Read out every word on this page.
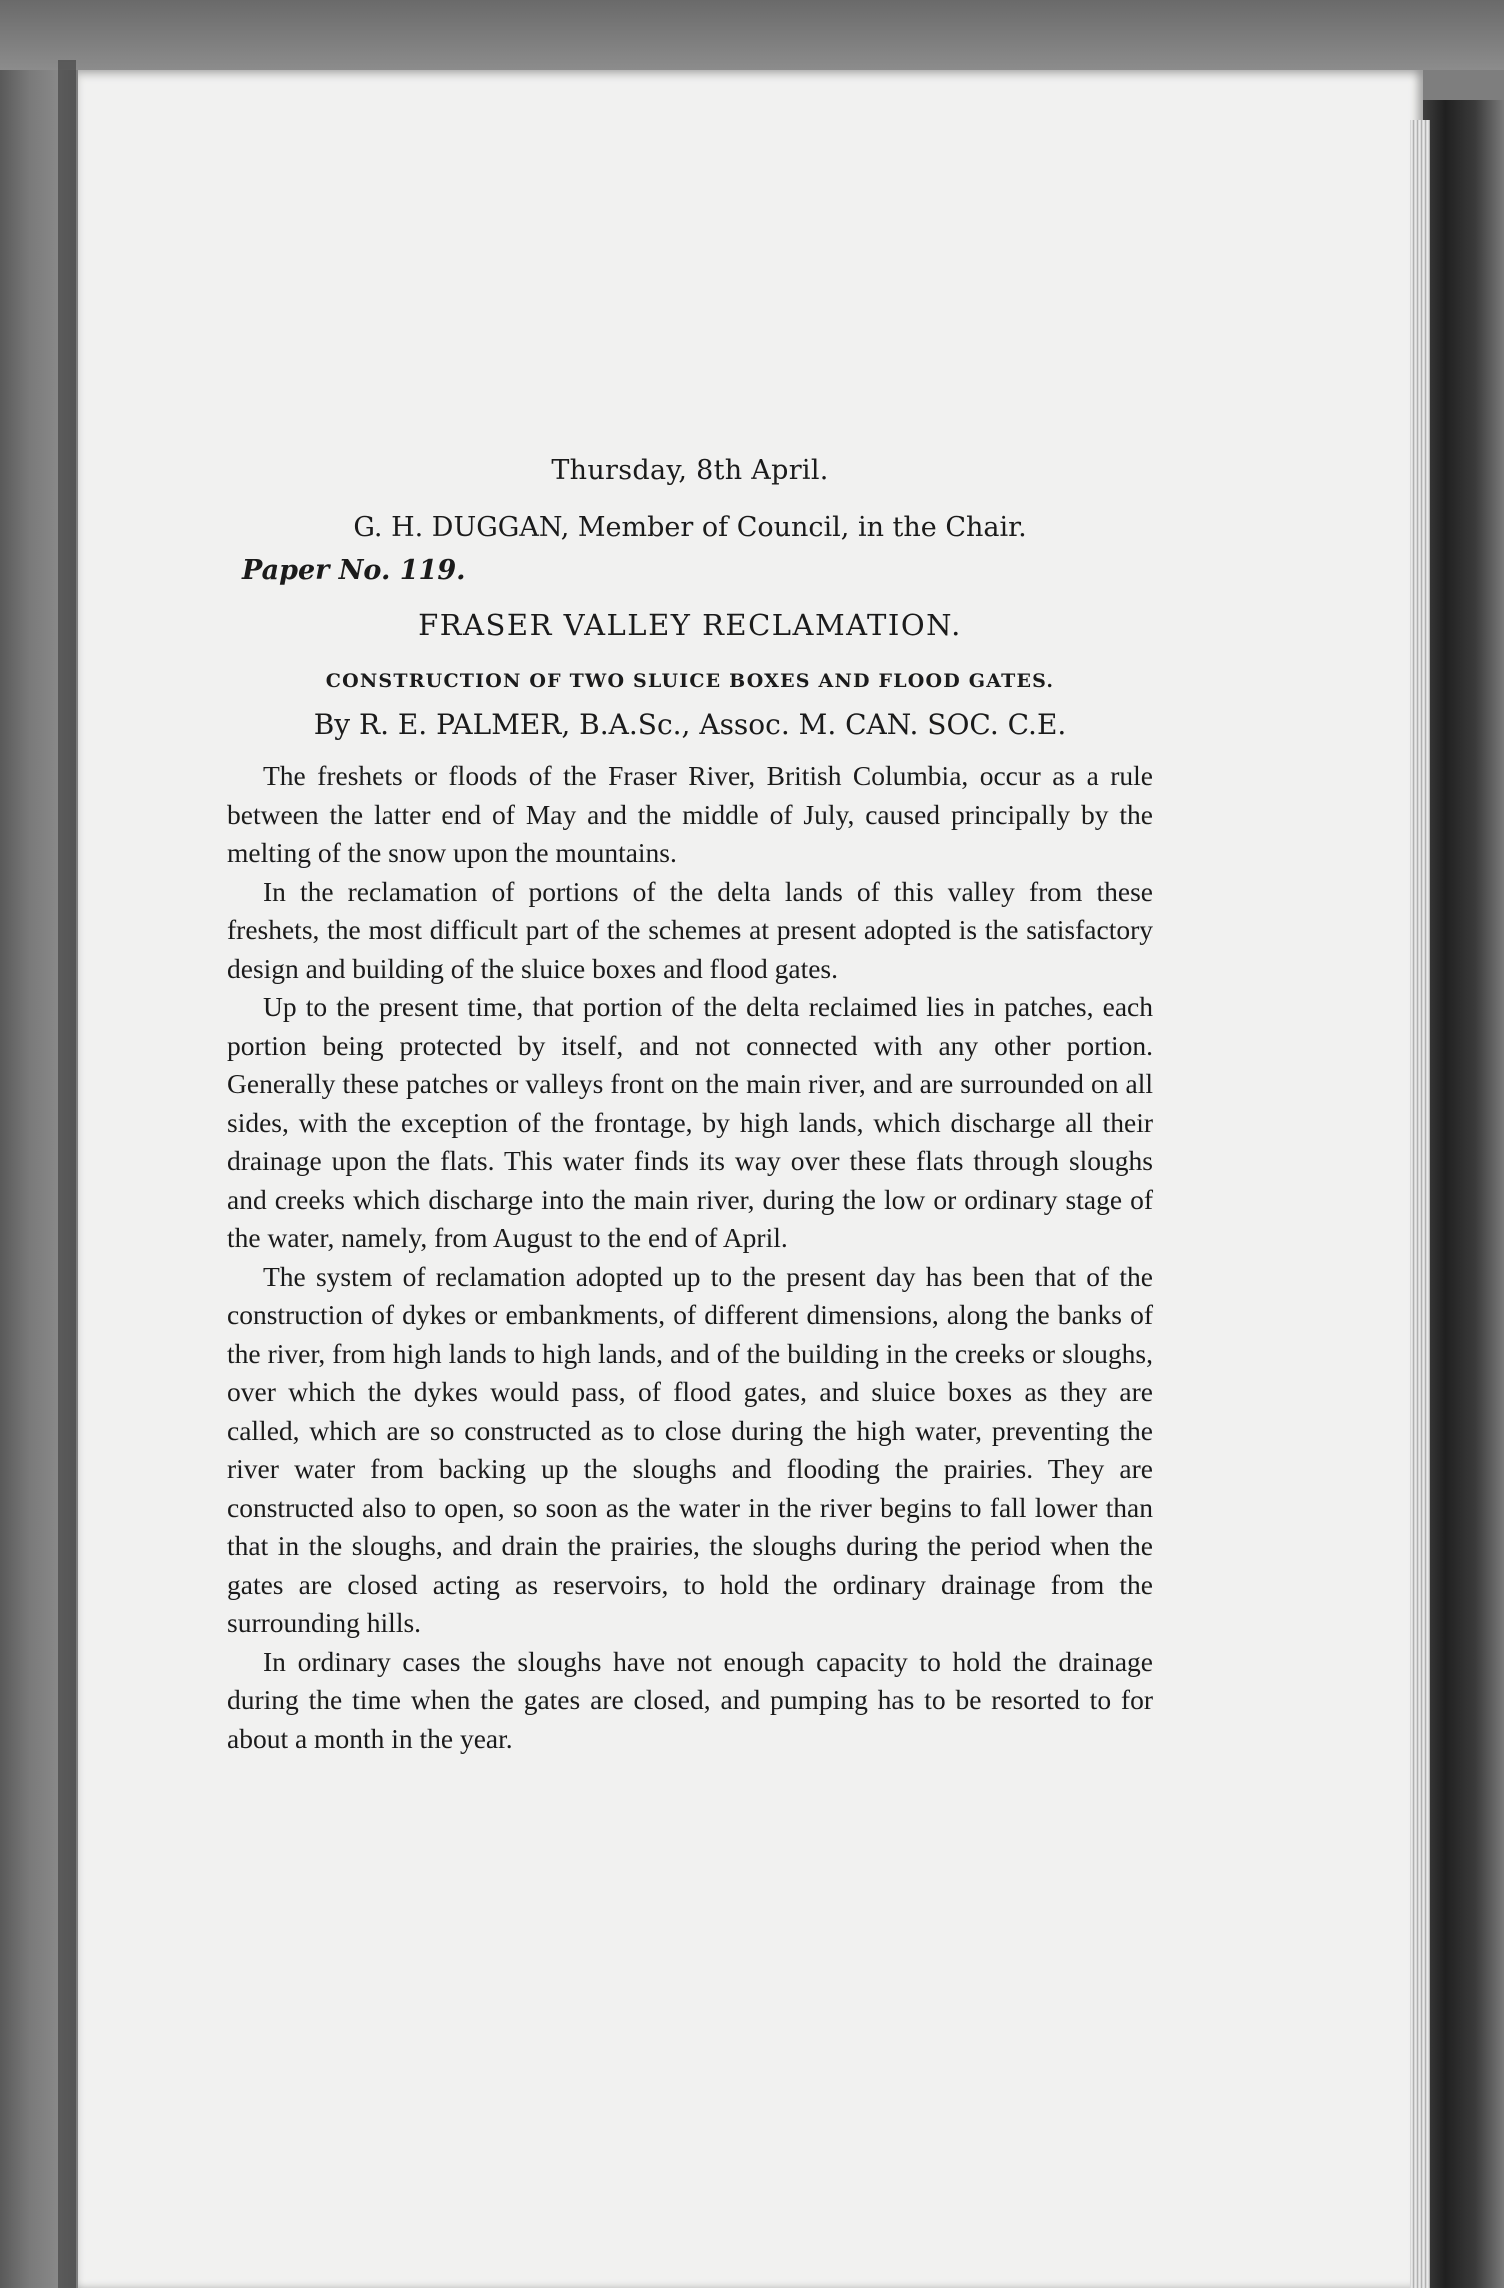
Thursday, 8th April.
G. H. DUGGAN, Member of Council, in the Chair.
Paper No. 119.
FRASER VALLEY RECLAMATION.
CONSTRUCTION OF TWO SLUICE BOXES AND FLOOD GATES.
By R. E. PALMER, B.A.Sc., Assoc. M. CAN. SOC. C.E.

The freshets or floods of the Fraser River, British Columbia, occur as a rule between the latter end of May and the middle of July, caused principally by the melting of the snow upon the mountains.

In the reclamation of portions of the delta lands of this valley from these freshets, the most difficult part of the schemes at present adopted is the satisfactory design and building of the sluice boxes and flood gates.

Up to the present time, that portion of the delta reclaimed lies in patches, each portion being protected by itself, and not connected with any other portion. Generally these patches or valleys front on the main river, and are surrounded on all sides, with the exception of the frontage, by high lands, which discharge all their drainage upon the flats. This water finds its way over these flats through sloughs and creeks which discharge into the main river, during the low or ordinary stage of the water, namely, from August to the end of April.

The system of reclamation adopted up to the present day has been that of the construction of dykes or embankments, of different dimensions, along the banks of the river, from high lands to high lands, and of the building in the creeks or sloughs, over which the dykes would pass, of flood gates, and sluice boxes as they are called, which are so constructed as to close during the high water, preventing the river water from backing up the sloughs and flooding the prairies. They are constructed also to open, so soon as the water in the river begins to fall lower than that in the sloughs, and drain the prairies, the sloughs during the period when the gates are closed acting as reservoirs, to hold the ordinary drainage from the surrounding hills.

In ordinary cases the sloughs have not enough capacity to hold the drainage during the time when the gates are closed, and pumping has to be resorted to for about a month in the year.
